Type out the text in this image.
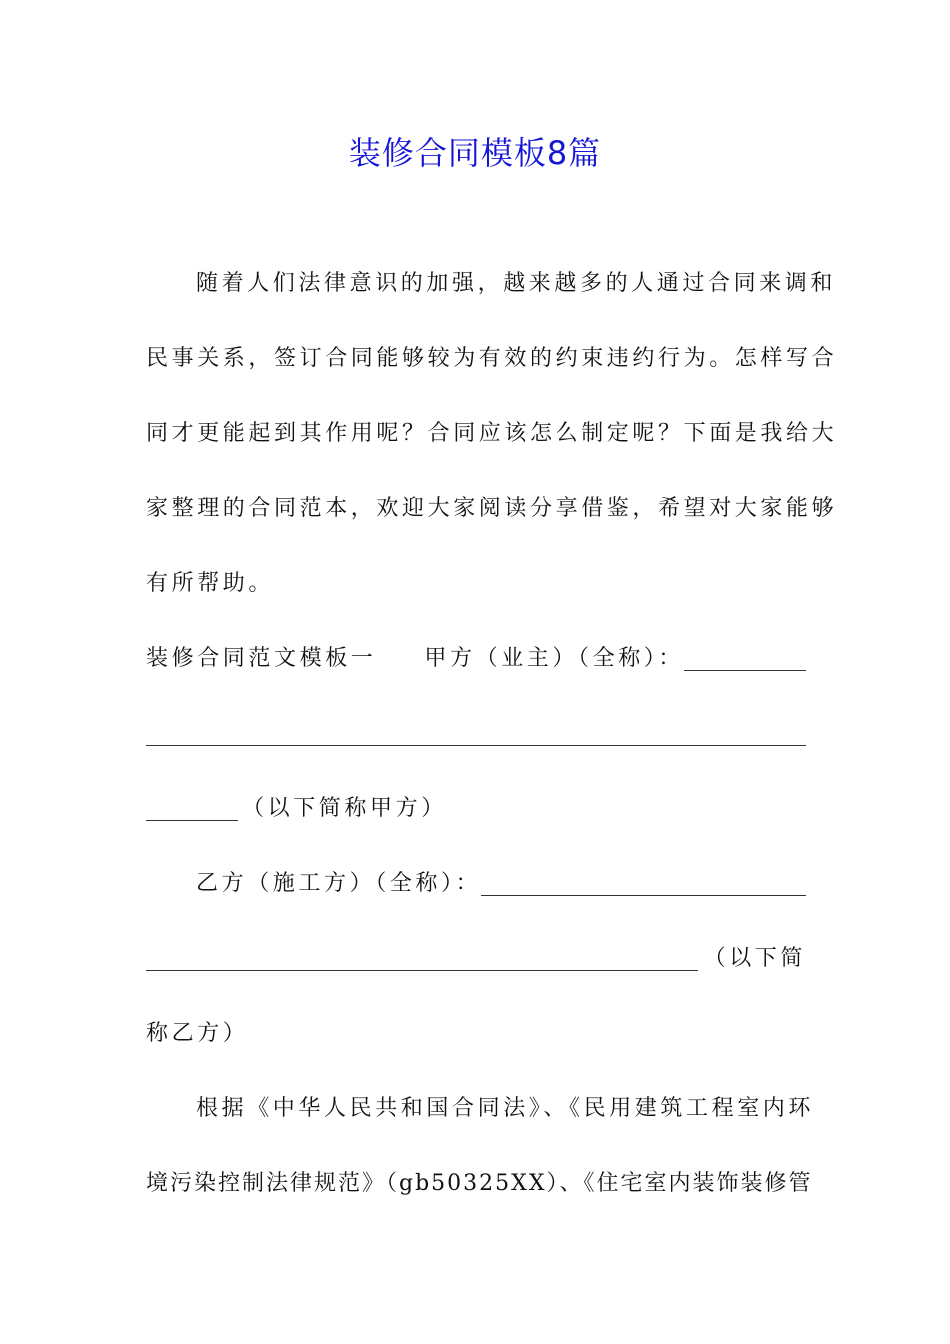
装修合同模板8篇
随着人们法律意识的加强，越来越多的人通过合同来调和
民事关系，签订合同能够较为有效的约束违约行为。怎样写合
同才更能起到其作用呢？合同应该怎么制定呢？下面是我给大
家整理的合同范本，欢迎大家阅读分享借鉴，希望对大家能够
有所帮助。
装修合同范文模板一 甲方（业主）（全称）：
（以下简称甲方）
乙方（施工方）（全称）：
（以下简
称乙方）
根据《中华人民共和国合同法》、《民用建筑工程室内环
境污染控制法律规范》（gb50325XX）、《住宅室内装饰装修管
